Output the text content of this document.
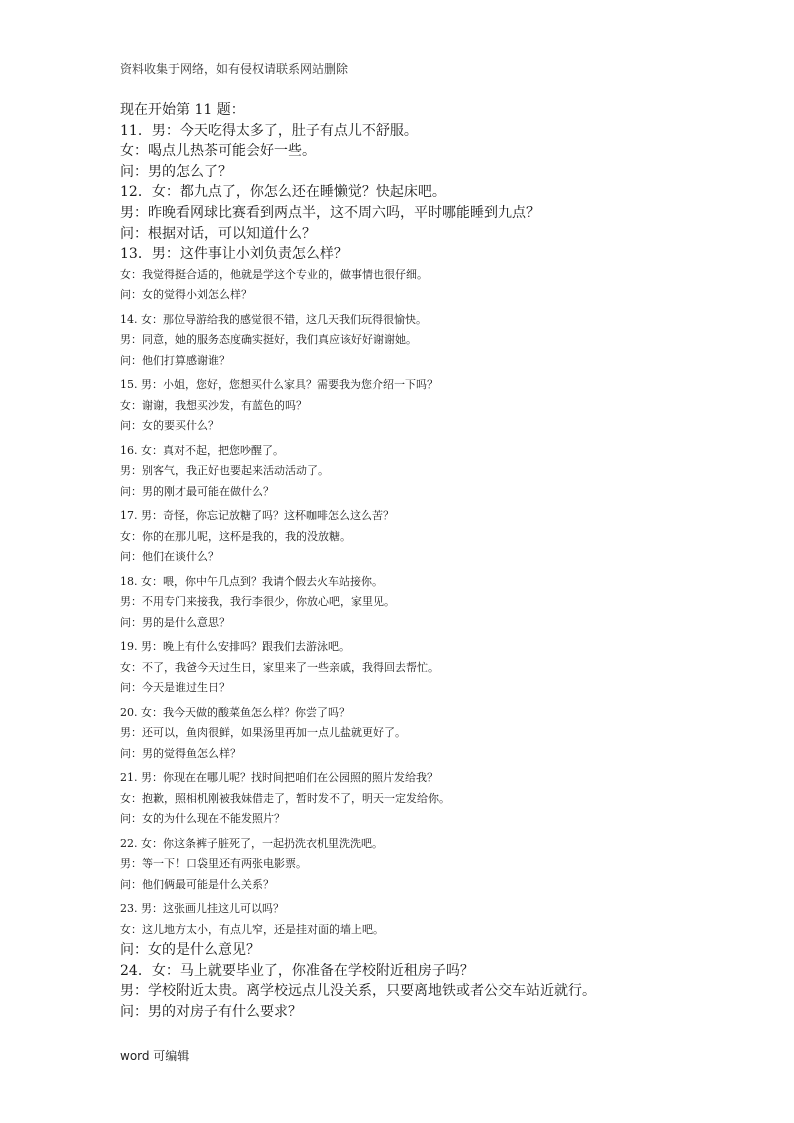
资料收集于网络，如有侵权请联系网站删除
现在开始第 11 题：
11．男：今天吃得太多了，肚子有点儿不舒服。
女：喝点儿热茶可能会好一些。
问：男的怎么了？
12．女：都九点了，你怎么还在睡懒觉？快起床吧。
男：昨晚看网球比赛看到两点半，这不周六吗，平时哪能睡到九点？
问：根据对话，可以知道什么？
13．男：这件事让小刘负责怎么样？
女：我觉得挺合适的，他就是学这个专业的，做事情也很仔细。
问：女的觉得小刘怎么样？
14. 女：那位导游给我的感觉很不错，这几天我们玩得很愉快。
男：同意，她的服务态度确实挺好，我们真应该好好谢谢她。
问：他们打算感谢谁？
15. 男：小姐，您好，您想买什么家具？需要我为您介绍一下吗？
女：谢谢，我想买沙发，有蓝色的吗？
问：女的要买什么？
16. 女：真对不起，把您吵醒了。
男：别客气，我正好也要起来活动活动了。
问：男的刚才最可能在做什么？
17. 男：奇怪，你忘记放糖了吗？这杯咖啡怎么这么苦？
女：你的在那儿呢，这杯是我的，我的没放糖。
问：他们在谈什么？
18. 女：喂，你中午几点到？我请个假去火车站接你。
男：不用专门来接我，我行李很少，你放心吧，家里见。
问：男的是什么意思？
19. 男：晚上有什么安排吗？跟我们去游泳吧。
女：不了，我爸今天过生日，家里来了一些亲戚，我得回去帮忙。
问：今天是谁过生日？
20. 女：我今天做的酸菜鱼怎么样？你尝了吗？
男：还可以，鱼肉很鲜，如果汤里再加一点儿盐就更好了。
问：男的觉得鱼怎么样？
21. 男：你现在在哪儿呢？找时间把咱们在公园照的照片发给我？
女：抱歉，照相机刚被我妹借走了，暂时发不了，明天一定发给你。
问：女的为什么现在不能发照片？
22. 女：你这条裤子脏死了，一起扔洗衣机里洗洗吧。
男：等一下！口袋里还有两张电影票。
问：他们俩最可能是什么关系？
23. 男：这张画儿挂这儿可以吗？
女：这儿地方太小，有点儿窄，还是挂对面的墙上吧。
问：女的是什么意见？
24．女：马上就要毕业了，你准备在学校附近租房子吗？
男：学校附近太贵。离学校远点儿没关系，只要离地铁或者公交车站近就行。
问：男的对房子有什么要求？
word 可编辑
